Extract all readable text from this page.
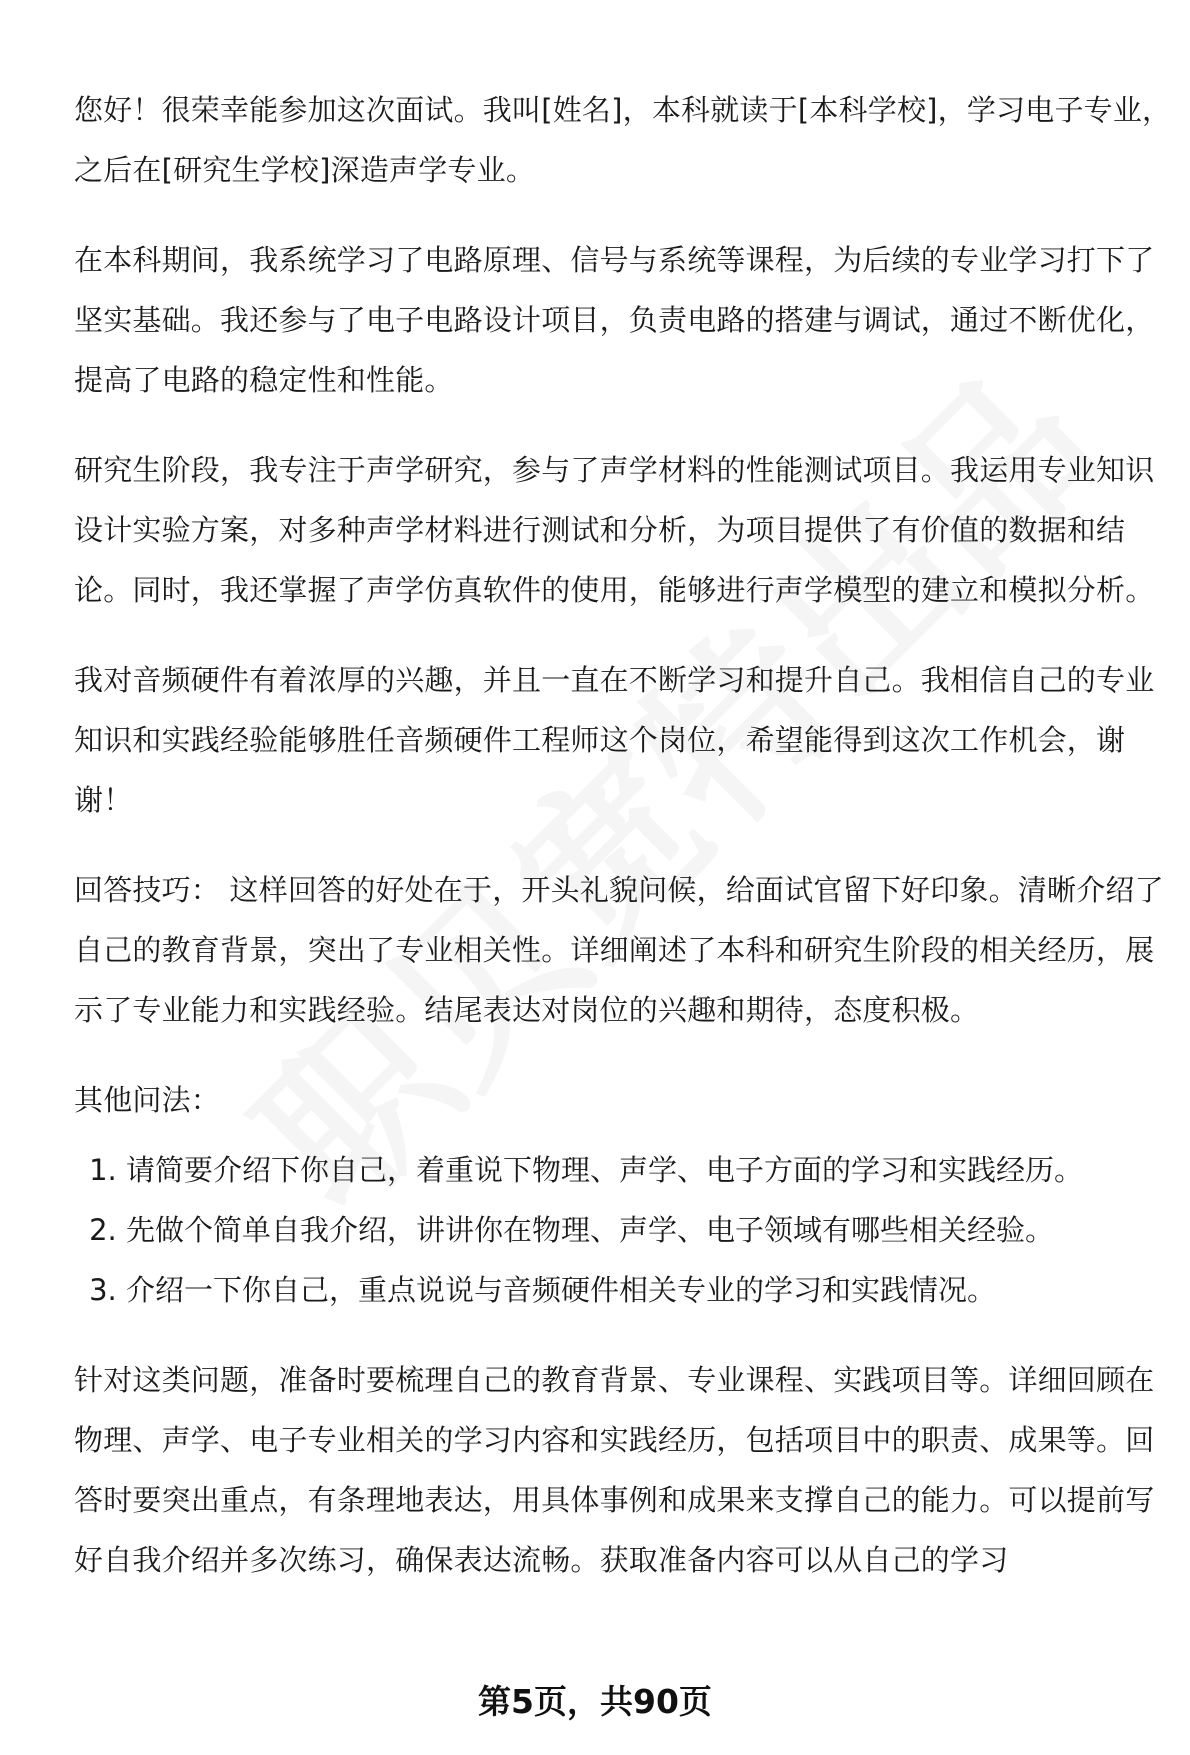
您好！很荣幸能参加这次面试。我叫[姓名]，本科就读于[本科学校]，学习电子专业，之后在[研究生学校]深造声学专业。

在本科期间，我系统学习了电路原理、信号与系统等课程，为后续的专业学习打下了坚实基础。我还参与了电子电路设计项目，负责电路的搭建与调试，通过不断优化，提高了电路的稳定性和性能。

研究生阶段，我专注于声学研究，参与了声学材料的性能测试项目。我运用专业知识设计实验方案，对多种声学材料进行测试和分析，为项目提供了有价值的数据和结论。同时，我还掌握了声学仿真软件的使用，能够进行声学模型的建立和模拟分析。

我对音频硬件有着浓厚的兴趣，并且一直在不断学习和提升自己。我相信自己的专业知识和实践经验能够胜任音频硬件工程师这个岗位，希望能得到这次工作机会，谢谢！

回答技巧： 这样回答的好处在于，开头礼貌问候，给面试官留下好印象。清晰介绍了自己的教育背景，突出了专业相关性。详细阐述了本科和研究生阶段的相关经历，展示了专业能力和实践经验。结尾表达对岗位的兴趣和期待，态度积极。

其他问法：

1. 请简要介绍下你自己，着重说下物理、声学、电子方面的学习和实践经历。
2. 先做个简单自我介绍，讲讲你在物理、声学、电子领域有哪些相关经验。
3. 介绍一下你自己，重点说说与音频硬件相关专业的学习和实践情况。

针对这类问题，准备时要梳理自己的教育背景、专业课程、实践项目等。详细回顾在物理、声学、电子专业相关的学习内容和实践经历，包括项目中的职责、成果等。回答时要突出重点，有条理地表达，用具体事例和成果来支撑自己的能力。可以提前写好自我介绍并多次练习，确保表达流畅。获取准备内容可以从自己的学习

第5页，共90页
